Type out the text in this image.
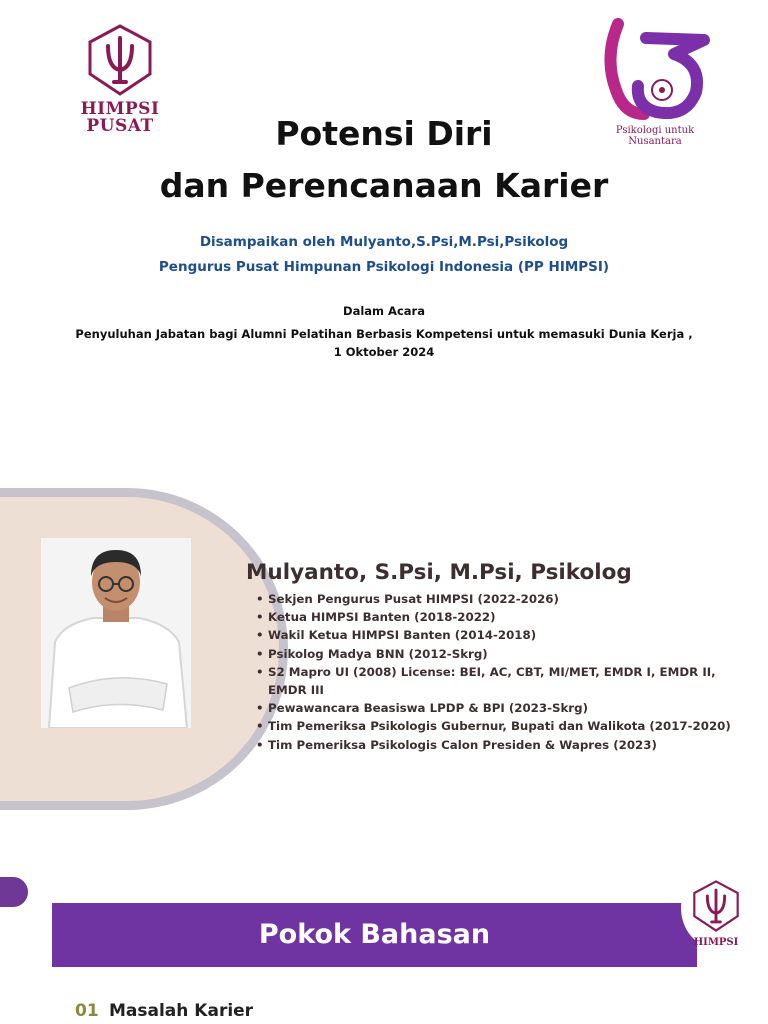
HIMPSI
PUSAT	Psikologi untuk Nusantara
Potensi Diri
dan Perencanaan Karier
Disampaikan oleh Mulyanto,S.Psi,M.Psi,Psikolog
Pengurus Pusat Himpunan Psikologi Indonesia (PP HIMPSI)
Dalam Acara
Penyuluhan Jabatan bagi Alumni Pelatihan Berbasis Kompetensi untuk memasuki Dunia Kerja ,
1 Oktober 2024
Mulyanto, S.Psi, M.Psi, Psikolog
• Sekjen Pengurus Pusat HIMPSI (2022-2026)
• Ketua HIMPSI Banten (2018-2022)
• Wakil Ketua HIMPSI Banten (2014-2018)
• Psikolog Madya BNN (2012-Skrg)
• S2 Mapro UI (2008) License: BEI, AC, CBT, MI/MET, EMDR I, EMDR II, EMDR III
• Pewawancara Beasiswa LPDP & BPI (2023-Skrg)
• Tim Pemeriksa Psikologis Gubernur, Bupati dan Walikota (2017-2020)
• Tim Pemeriksa Psikologis Calon Presiden & Wapres (2023)
Pokok Bahasan	HIMPSI
01 Masalah Karier
